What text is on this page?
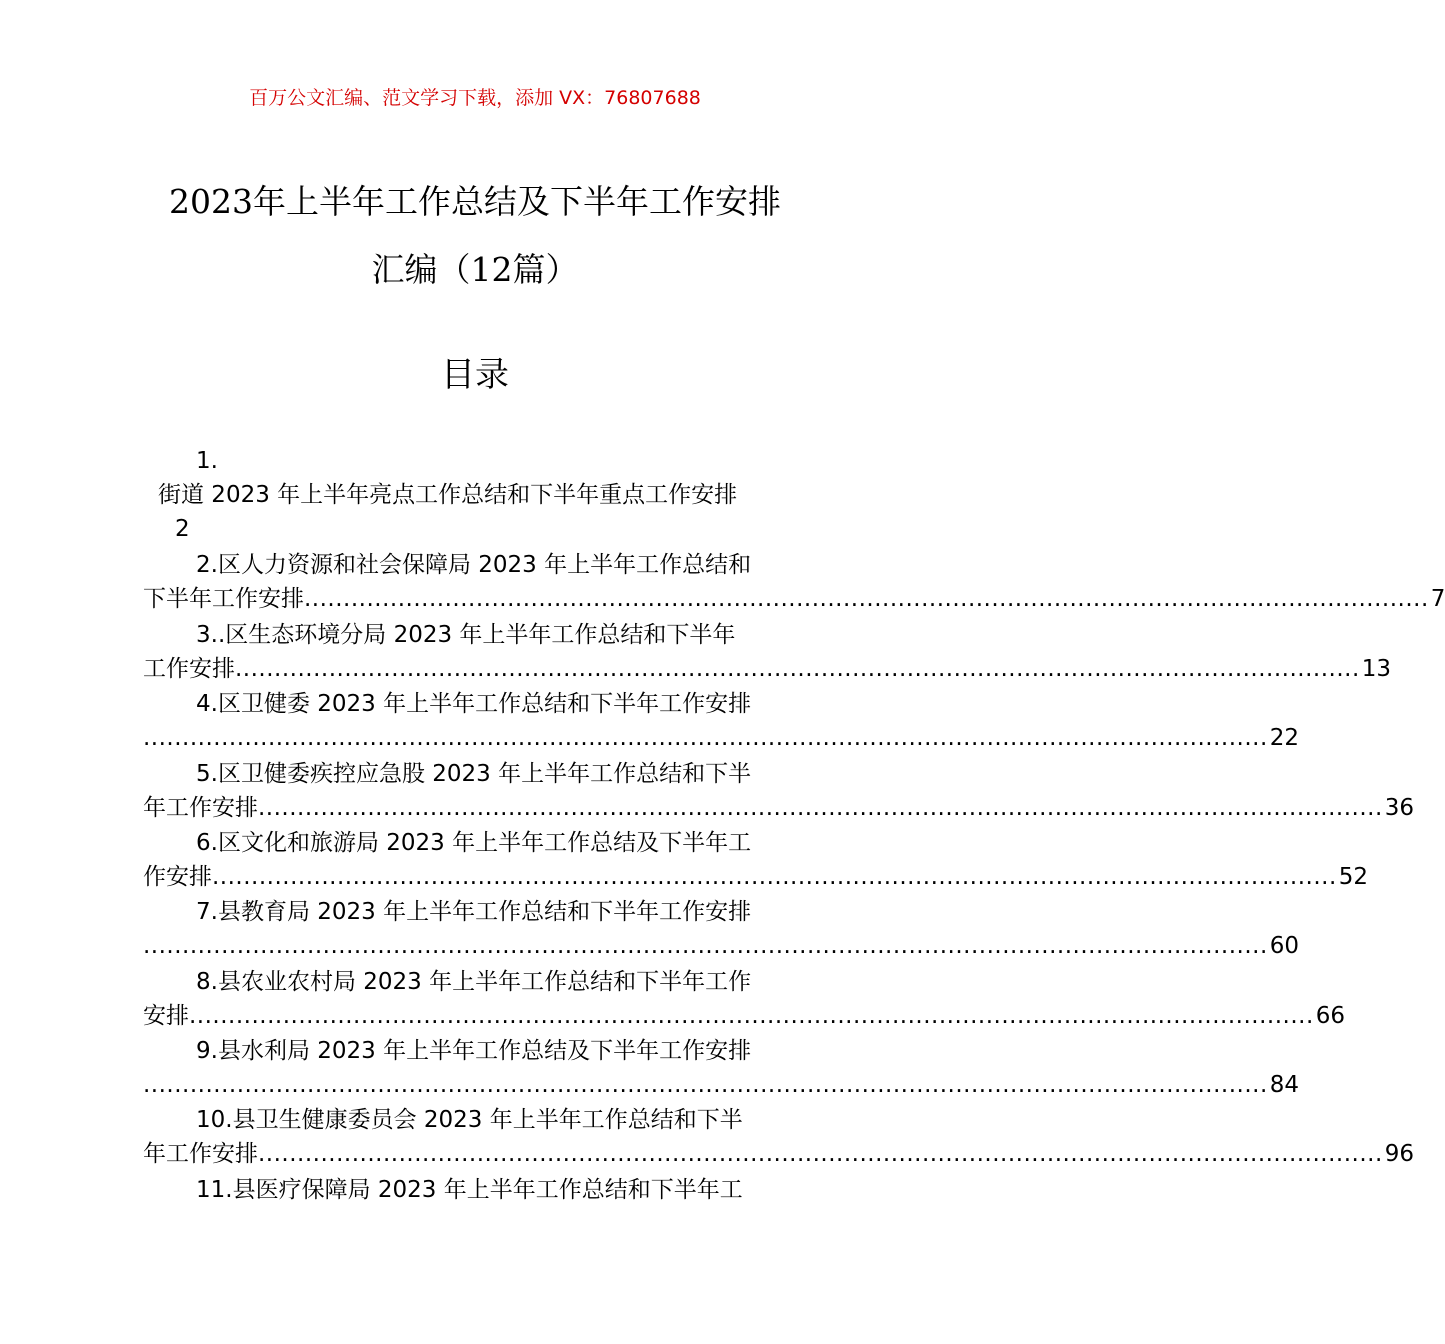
百万公文汇编、范文学习下载，添加 VX：76807688
2023年上半年工作总结及下半年工作安排
汇编（12篇）
目录
1.
街道 2023 年上半年亮点工作总结和下半年重点工作安排
2
2.区人力资源和社会保障局 2023 年上半年工作总结和
下半年工作安排 ................................................................................................................................................ 7
3..区生态环境分局 2023 年上半年工作总结和下半年
工作安排 ................................................................................................................................................ 13
4.区卫健委 2023 年上半年工作总结和下半年工作安排
................................................................................................................................................ 22
5.区卫健委疾控应急股 2023 年上半年工作总结和下半
年工作安排 ................................................................................................................................................ 36
6.区文化和旅游局 2023 年上半年工作总结及下半年工
作安排 ................................................................................................................................................ 52
7.县教育局 2023 年上半年工作总结和下半年工作安排
................................................................................................................................................ 60
8.县农业农村局 2023 年上半年工作总结和下半年工作
安排 ................................................................................................................................................ 66
9.县水利局 2023 年上半年工作总结及下半年工作安排
................................................................................................................................................ 84
10.县卫生健康委员会 2023 年上半年工作总结和下半
年工作安排 ................................................................................................................................................ 96
11.县医疗保障局 2023 年上半年工作总结和下半年工
